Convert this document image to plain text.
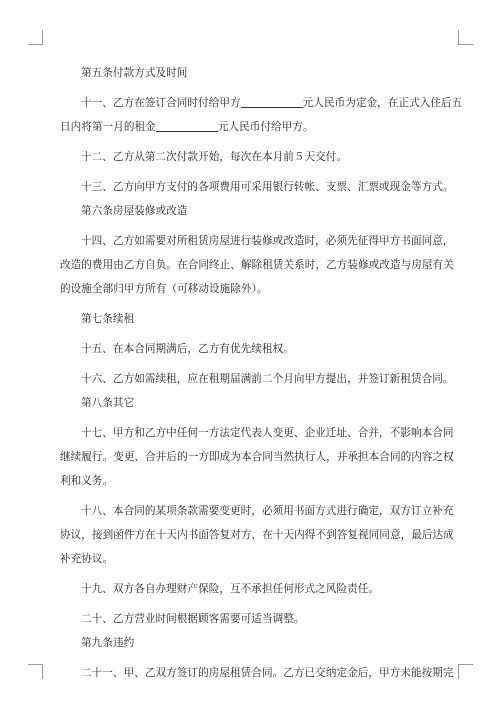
第五条付款方式及时间
十一、乙方在签订合同时付给甲方	元人民币为定金，在正式入住后五
日内将第一月的租金	元人民币付给甲方。
十二、乙方从第二次付款开始，每次在本月前５天交付。
十三、乙方向甲方支付的各项费用可采用银行转帐、支票、汇票或现金等方式。
第六条房屋装修或改造
十四、乙方如需要对所租赁房屋进行装修或改造时，必须先征得甲方书面同意，
改造的费用由乙方自负。在合同终止、解除租赁关系时，乙方装修或改造与房屋有关
的设施全部归甲方所有（可移动设施除外）。
第七条续租
十五、在本合同期满后，乙方有优先续租权。
十六、乙方如需续租，应在租期届满前二个月向甲方提出，并签订新租赁合同。
第八条其它
十七、甲方和乙方中任何一方法定代表人变更、企业迁址、合并，不影响本合同
继续履行。变更、合并后的一方即成为本合同当然执行人，并承担本合同的内容之权
利和义务。
十八、本合同的某项条款需要变更时，必须用书面方式进行确定，双方订立补充
协议，接到函件方在十天内书面答复对方，在十天内得不到答复视同同意，最后达成
补充协议。
十九、双方各自办理财产保险，互不承担任何形式之风险责任。
二十、乙方营业时间根据顾客需要可适当调整。
第九条违约
二十一、甲、乙双方签订的房屋租赁合同。乙方已交纳定金后，甲方未能按期完
